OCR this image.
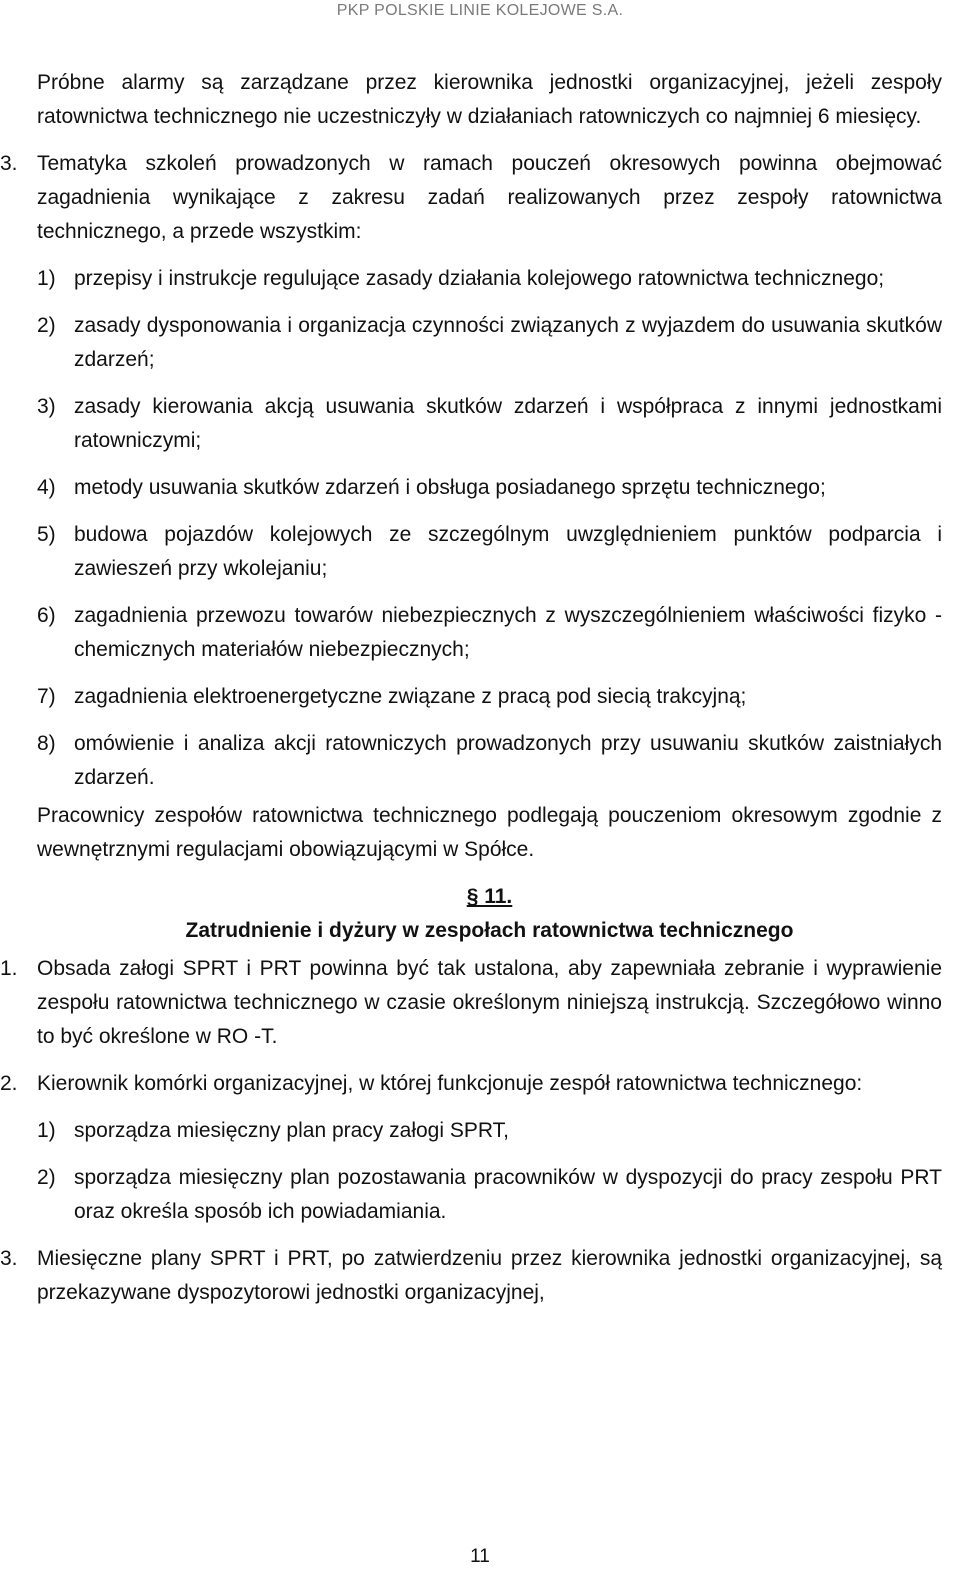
PKP POLSKIE LINIE KOLEJOWE S.A.

Próbne alarmy są zarządzane przez kierownika jednostki organizacyjnej, jeżeli zespoły ratownictwa technicznego nie uczestniczyły w działaniach ratowniczych co najmniej 6 miesięcy.

3. Tematyka szkoleń prowadzonych w ramach pouczeń okresowych powinna obejmować zagadnienia wynikające z zakresu zadań realizowanych przez zespoły ratownictwa technicznego, a przede wszystkim:
1) przepisy i instrukcje regulujące zasady działania kolejowego ratownictwa technicznego;
2) zasady dysponowania i organizacja czynności związanych z wyjazdem do usuwania skutków zdarzeń;
3) zasady kierowania akcją usuwania skutków zdarzeń i współpraca z innymi jednostkami ratowniczymi;
4) metody usuwania skutków zdarzeń i obsługa posiadanego sprzętu technicznego;
5) budowa pojazdów kolejowych ze szczególnym uwzględnieniem punktów podparcia i zawieszeń przy wkolejaniu;
6) zagadnienia przewozu towarów niebezpiecznych z wyszczególnieniem właściwości fizyko - chemicznych materiałów niebezpiecznych;
7) zagadnienia elektroenergetyczne związane z pracą pod siecią trakcyjną;
8) omówienie i analiza akcji ratowniczych prowadzonych przy usuwaniu skutków zaistniałych zdarzeń.

Pracownicy zespołów ratownictwa technicznego podlegają pouczeniom okresowym zgodnie z wewnętrznymi regulacjami obowiązującymi w Spółce.

§ 11.

Zatrudnienie i dyżury w zespołach ratownictwa technicznego

1. Obsada załogi SPRT i PRT powinna być tak ustalona, aby zapewniała zebranie i wyprawienie zespołu ratownictwa technicznego w czasie określonym niniejszą instrukcją. Szczegółowo winno to być określone w RO -T.
2. Kierownik komórki organizacyjnej, w której funkcjonuje zespół ratownictwa technicznego:
1) sporządza miesięczny plan pracy załogi SPRT,
2) sporządza miesięczny plan pozostawania pracowników w dyspozycji do pracy zespołu PRT oraz określa sposób ich powiadamiania.
3. Miesięczne plany SPRT i PRT, po zatwierdzeniu przez kierownika jednostki organizacyjnej, są przekazywane dyspozytorowi jednostki organizacyjnej,
11
